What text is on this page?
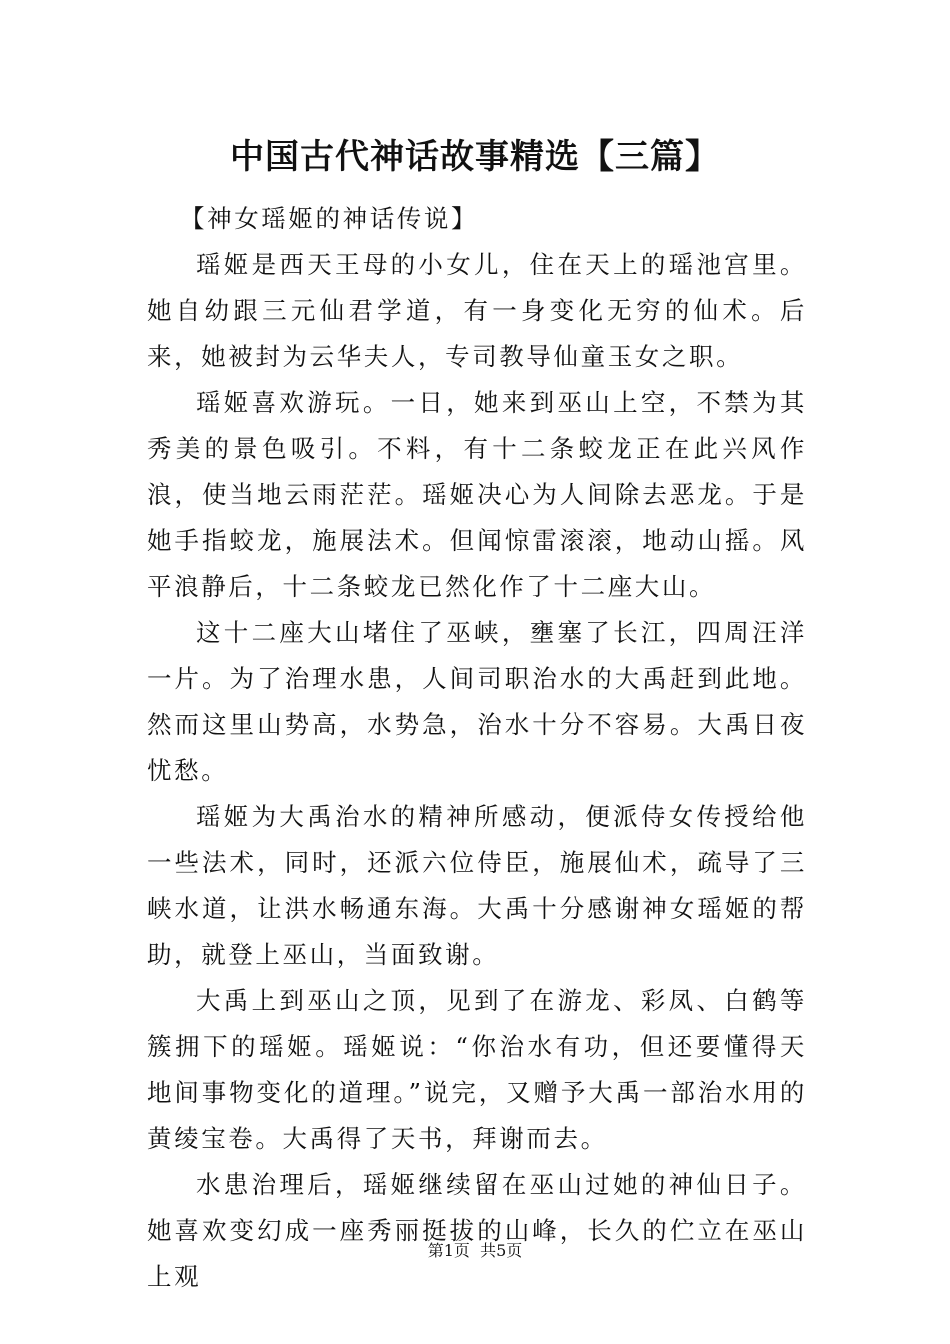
中国古代神话故事精选【三篇】

【神女瑶姬的神话传说】

瑶姬是西天王母的小女儿，住在天上的瑶池宫里。她自幼跟三元仙君学道，有一身变化无穷的仙术。后来，她被封为云华夫人，专司教导仙童玉女之职。

瑶姬喜欢游玩。一日，她来到巫山上空，不禁为其秀美的景色吸引。不料，有十二条蛟龙正在此兴风作浪，使当地云雨茫茫。瑶姬决心为人间除去恶龙。于是她手指蛟龙，施展法术。但闻惊雷滚滚，地动山摇。风平浪静后，十二条蛟龙已然化作了十二座大山。

这十二座大山堵住了巫峡，壅塞了长江，四周汪洋一片。为了治理水患，人间司职治水的大禹赶到此地。然而这里山势高，水势急，治水十分不容易。大禹日夜忧愁。

瑶姬为大禹治水的精神所感动，便派侍女传授给他一些法术，同时，还派六位侍臣，施展仙术，疏导了三峡水道，让洪水畅通东海。大禹十分感谢神女瑶姬的帮助，就登上巫山，当面致谢。

大禹上到巫山之顶，见到了在游龙、彩凤、白鹤等簇拥下的瑶姬。瑶姬说：“你治水有功，但还要懂得天地间事物变化的道理。”说完，又赠予大禹一部治水用的黄绫宝卷。大禹得了天书，拜谢而去。

水患治理后，瑶姬继续留在巫山过她的神仙日子。她喜欢变幻成一座秀丽挺拔的山峰，长久的伫立在巫山上观

第1页  共5页
